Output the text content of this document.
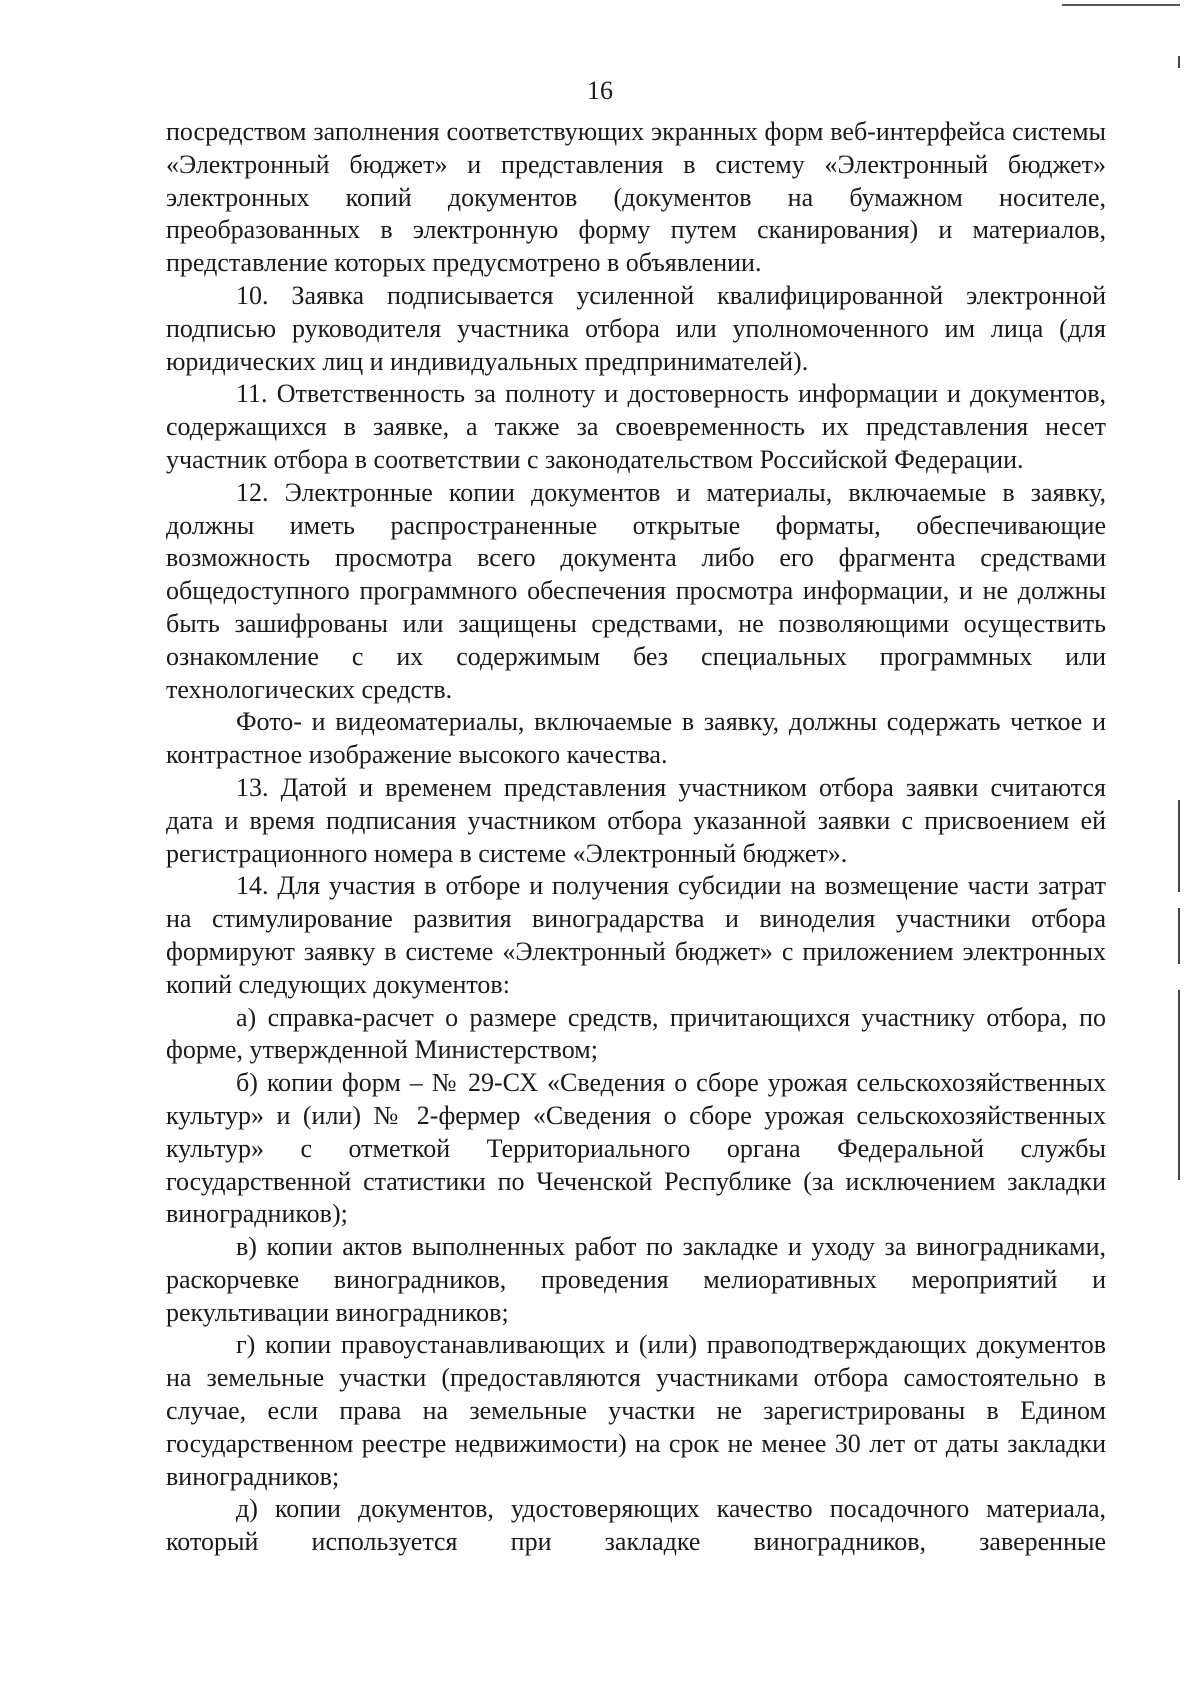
16

посредством заполнения соответствующих экранных форм веб-интерфейса системы «Электронный бюджет» и представления в систему «Электронный бюджет» электронных копий документов (документов на бумажном носителе, преобразованных в электронную форму путем сканирования) и материалов, представление которых предусмотрено в объявлении.

10. Заявка подписывается усиленной квалифицированной электронной подписью руководителя участника отбора или уполномоченного им лица (для юридических лиц и индивидуальных предпринимателей).

11. Ответственность за полноту и достоверность информации и документов, содержащихся в заявке, а также за своевременность их представления несет участник отбора в соответствии с законодательством Российской Федерации.

12. Электронные копии документов и материалы, включаемые в заявку, должны иметь распространенные открытые форматы, обеспечивающие возможность просмотра всего документа либо его фрагмента средствами общедоступного программного обеспечения просмотра информации, и не должны быть зашифрованы или защищены средствами, не позволяющими осуществить ознакомление с их содержимым без специальных программных или технологических средств.

Фото- и видеоматериалы, включаемые в заявку, должны содержать четкое и контрастное изображение высокого качества.

13. Датой и временем представления участником отбора заявки считаются дата и время подписания участником отбора указанной заявки с присвоением ей регистрационного номера в системе «Электронный бюджет».

14. Для участия в отборе и получения субсидии на возмещение части затрат на стимулирование развития виноградарства и виноделия участники отбора формируют заявку в системе «Электронный бюджет» с приложением электронных копий следующих документов:

а) справка-расчет о размере средств, причитающихся участнику отбора, по форме, утвержденной Министерством;

б) копии форм – № 29-СХ «Сведения о сборе урожая сельскохозяйственных культур» и (или) № 2-фермер «Сведения о сборе урожая сельскохозяйственных культур» с отметкой Территориального органа Федеральной службы государственной статистики по Чеченской Республике (за исключением закладки виноградников);

в) копии актов выполненных работ по закладке и уходу за виноградниками, раскорчевке виноградников, проведения мелиоративных мероприятий и рекультивации виноградников;

г) копии правоустанавливающих и (или) правоподтверждающих документов на земельные участки (предоставляются участниками отбора самостоятельно в случае, если права на земельные участки не зарегистрированы в Едином государственном реестре недвижимости) на срок не менее 30 лет от даты закладки виноградников;

д) копии документов, удостоверяющих качество посадочного материала, который используется при закладке виноградников, заверенные
